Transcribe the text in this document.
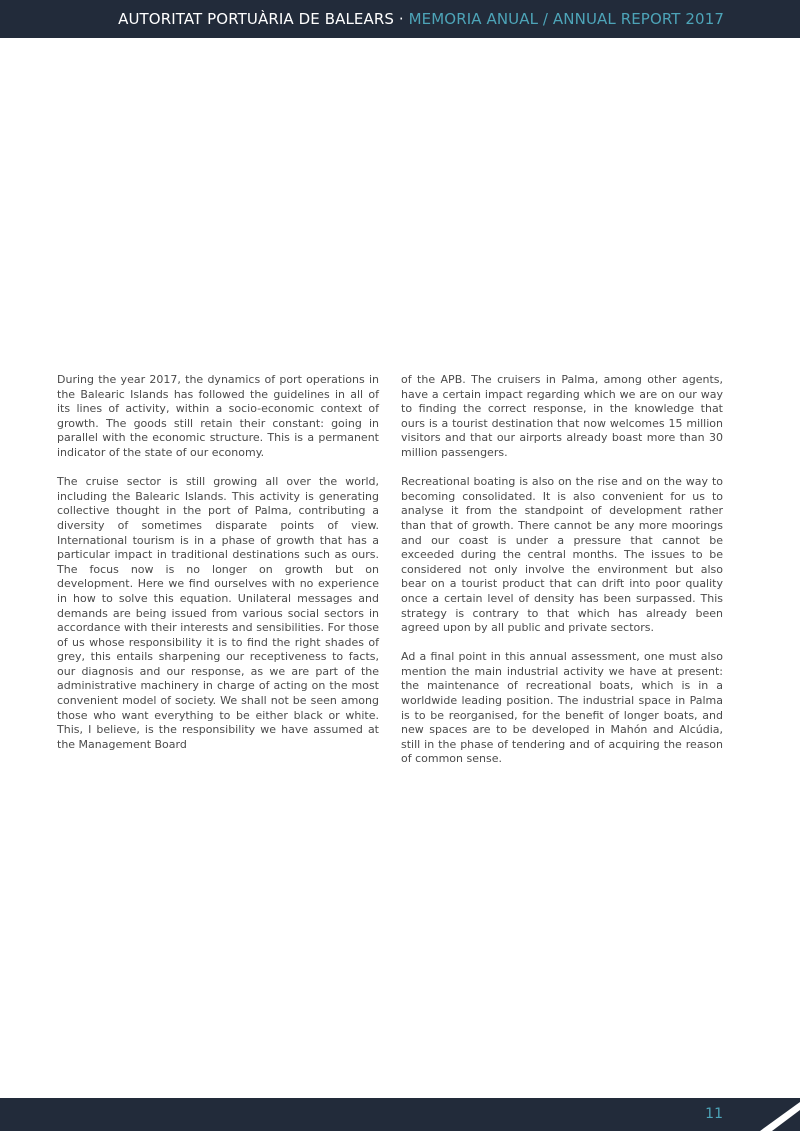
AUTORITAT PORTUÀRIA DE BALEARS · MEMORIA ANUAL / ANNUAL REPORT 2017

During the year 2017, the dynamics of port operations in the Balearic Islands has followed the guidelines in all of its lines of activity, within a socio-economic context of growth. The goods still retain their constant: going in parallel with the economic structure. This is a permanent indicator of the state of our economy.

The cruise sector is still growing all over the world, including the Balearic Islands. This activity is generating collective thought in the port of Palma, contributing a diversity of sometimes disparate points of view. International tourism is in a phase of growth that has a particular impact in traditional destinations such as ours. The focus now is no longer on growth but on development. Here we find ourselves with no experience in how to solve this equation. Unilateral messages and demands are being issued from various social sectors in accordance with their interests and sensibilities. For those of us whose responsibility it is to find the right shades of grey, this entails sharpening our receptiveness to facts, our diagnosis and our response, as we are part of the administrative machinery in charge of acting on the most convenient model of society. We shall not be seen among those who want everything to be either black or white. This, I believe, is the responsibility we have assumed at the Management Board

of the APB. The cruisers in Palma, among other agents, have a certain impact regarding which we are on our way to finding the correct response, in the knowledge that ours is a tourist destination that now welcomes 15 million visitors and that our airports already boast more than 30 million passengers.

Recreational boating is also on the rise and on the way to becoming consolidated. It is also convenient for us to analyse it from the standpoint of development rather than that of growth. There cannot be any more moorings and our coast is under a pressure that cannot be exceeded during the central months. The issues to be considered not only involve the environment but also bear on a tourist product that can drift into poor quality once a certain level of density has been surpassed. This strategy is contrary to that which has already been agreed upon by all public and private sectors.

Ad a final point in this annual assessment, one must also mention the main industrial activity we have at present: the maintenance of recreational boats, which is in a worldwide leading position. The industrial space in Palma is to be reorganised, for the benefit of longer boats, and new spaces are to be developed in Mahón and Alcúdia, still in the phase of tendering and of acquiring the reason of common sense.

11
